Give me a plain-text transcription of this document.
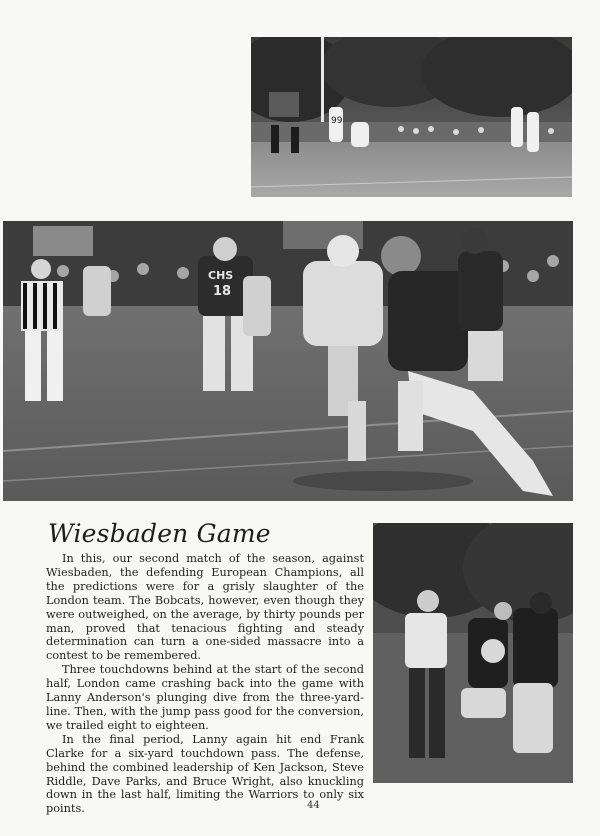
99
CHS
18
Wiesbaden Game

In this, our second match of the season, against Wiesbaden, the defending European Champions, all the predictions were for a grisly slaughter of the London team. The Bobcats, however, even though they were outweighed, on the average, by thirty pounds per man, proved that tenacious fighting and steady determination can turn a one-sided massacre into a contest to be remembered.

Three touchdowns behind at the start of the second half, London came crashing back into the game with Lanny Anderson's plunging dive from the three-yard-line. Then, with the jump pass good for the conversion, we trailed eight to eighteen.

In the final period, Lanny again hit end Frank Clarke for a six-yard touchdown pass. The defense, behind the combined leadership of Ken Jackson, Steve Riddle, Dave Parks, and Bruce Wright, also knuckling down in the last half, limiting the Warriors to only six points.	44
